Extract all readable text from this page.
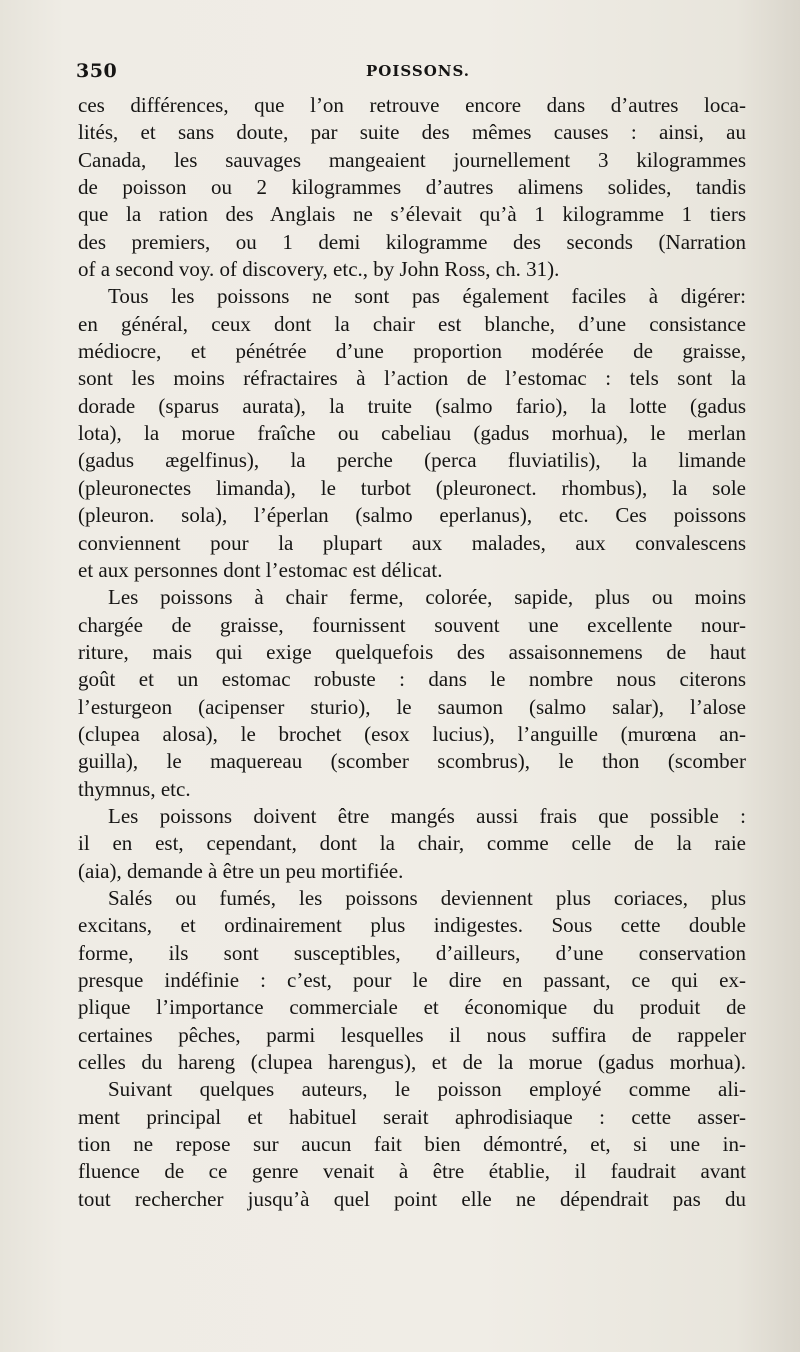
350	POISSONS.
ces différences, que l’on retrouve encore dans d’autres loca-
lités, et sans doute, par suite des mêmes causes : ainsi, au
Canada, les sauvages mangeaient journellement 3 kilogrammes
de poisson ou 2 kilogrammes d’autres alimens solides, tandis
que la ration des Anglais ne s’élevait qu’à 1 kilogramme 1 tiers
des premiers, ou 1 demi kilogramme des seconds (Narration
of a second voy. of discovery, etc., by John Ross, ch. 31).
Tous les poissons ne sont pas également faciles à digérer:
en général, ceux dont la chair est blanche, d’une consistance
médiocre, et pénétrée d’une proportion modérée de graisse,
sont les moins réfractaires à l’action de l’estomac : tels sont la
dorade (sparus aurata), la truite (salmo fario), la lotte (gadus
lota), la morue fraîche ou cabeliau (gadus morhua), le merlan
(gadus ægelfinus), la perche (perca fluviatilis), la limande
(pleuronectes limanda), le turbot (pleuronect. rhombus), la sole
(pleuron. sola), l’éperlan (salmo eperlanus), etc. Ces poissons
conviennent pour la plupart aux malades, aux convalescens
et aux personnes dont l’estomac est délicat.
Les poissons à chair ferme, colorée, sapide, plus ou moins
chargée de graisse, fournissent souvent une excellente nour-
riture, mais qui exige quelquefois des assaisonnemens de haut
goût et un estomac robuste : dans le nombre nous citerons
l’esturgeon (acipenser sturio), le saumon (salmo salar), l’alose
(clupea alosa), le brochet (esox lucius), l’anguille (murœna an-
guilla), le maquereau (scomber scombrus), le thon (scomber
thymnus, etc.
Les poissons doivent être mangés aussi frais que possible :
il en est, cependant, dont la chair, comme celle de la raie
(aia), demande à être un peu mortifiée.
Salés ou fumés, les poissons deviennent plus coriaces, plus
excitans, et ordinairement plus indigestes. Sous cette double
forme, ils sont susceptibles, d’ailleurs, d’une conservation
presque indéfinie : c’est, pour le dire en passant, ce qui ex-
plique l’importance commerciale et économique du produit de
certaines pêches, parmi lesquelles il nous suffira de rappeler
celles du hareng (clupea harengus), et de la morue (gadus morhua).
Suivant quelques auteurs, le poisson employé comme ali-
ment principal et habituel serait aphrodisiaque : cette asser-
tion ne repose sur aucun fait bien démontré, et, si une in-
fluence de ce genre venait à être établie, il faudrait avant
tout rechercher jusqu’à quel point elle ne dépendrait pas du
